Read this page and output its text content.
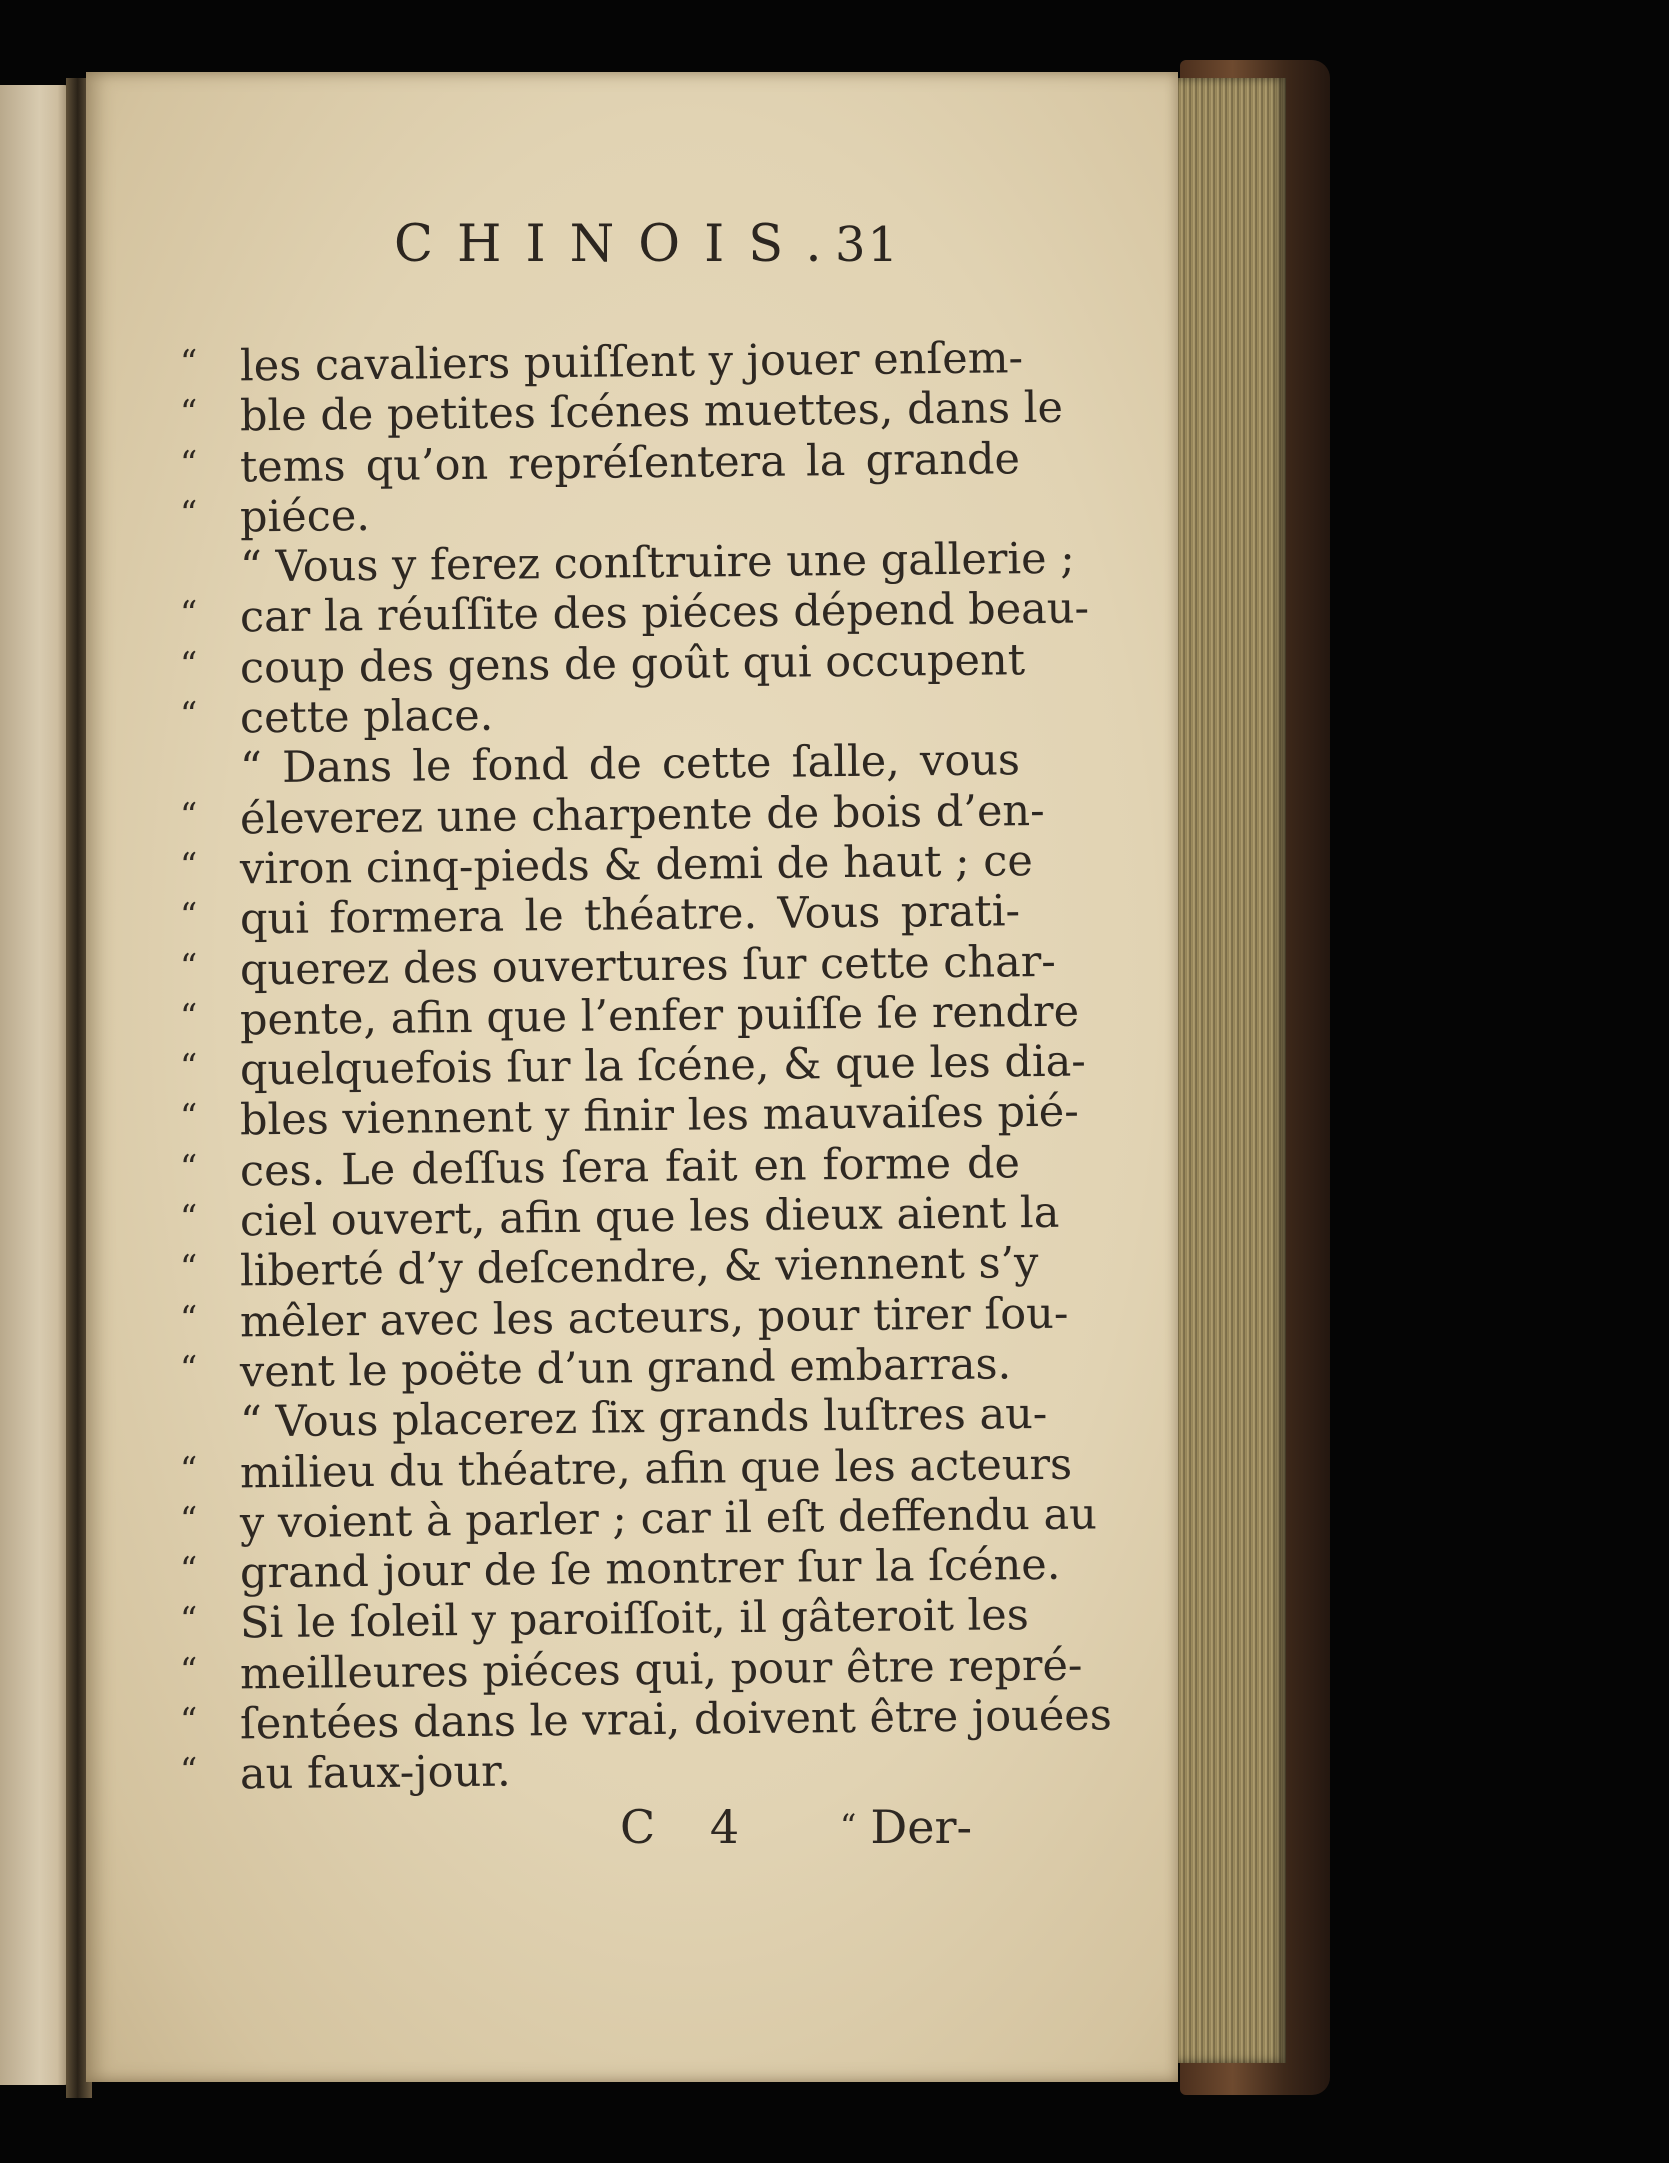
CHINOIS.
31
“ les cavaliers puiſſent y jouer enſem-
“ ble de petites ſcénes muettes, dans le
“ tems qu’on repréſentera la grande
“ piéce.
“ Vous y ferez conſtruire une gallerie ;
“ car la réuſſite des piéces dépend beau-
“ coup des gens de goût qui occupent
“ cette place.
“ Dans le fond de cette ſalle, vous
“ éleverez une charpente de bois d’en-
“ viron cinq-pieds & demi de haut ; ce
“ qui formera le théatre. Vous prati-
“ querez des ouvertures ſur cette char-
“ pente, afin que l’enfer puiſſe ſe rendre
“ quelquefois ſur la ſcéne, & que les dia-
“ bles viennent y finir les mauvaiſes pié-
“ ces. Le deſſus ſera fait en forme de
“ ciel ouvert, afin que les dieux aient la
“ liberté d’y deſcendre, & viennent s’y
“ mêler avec les acteurs, pour tirer ſou-
“ vent le poëte d’un grand embarras.
“ Vous placerez ſix grands luſtres au-
“ milieu du théatre, afin que les acteurs
“ y voient à parler ; car il eſt deffendu au
“ grand jour de ſe montrer ſur la ſcéne.
“ Si le ſoleil y paroiſſoit, il gâteroit les
“ meilleures piéces qui, pour être repré-
“ ſentées dans le vrai, doivent être jouées
“ au faux-jour.
C 4	“ Der-
